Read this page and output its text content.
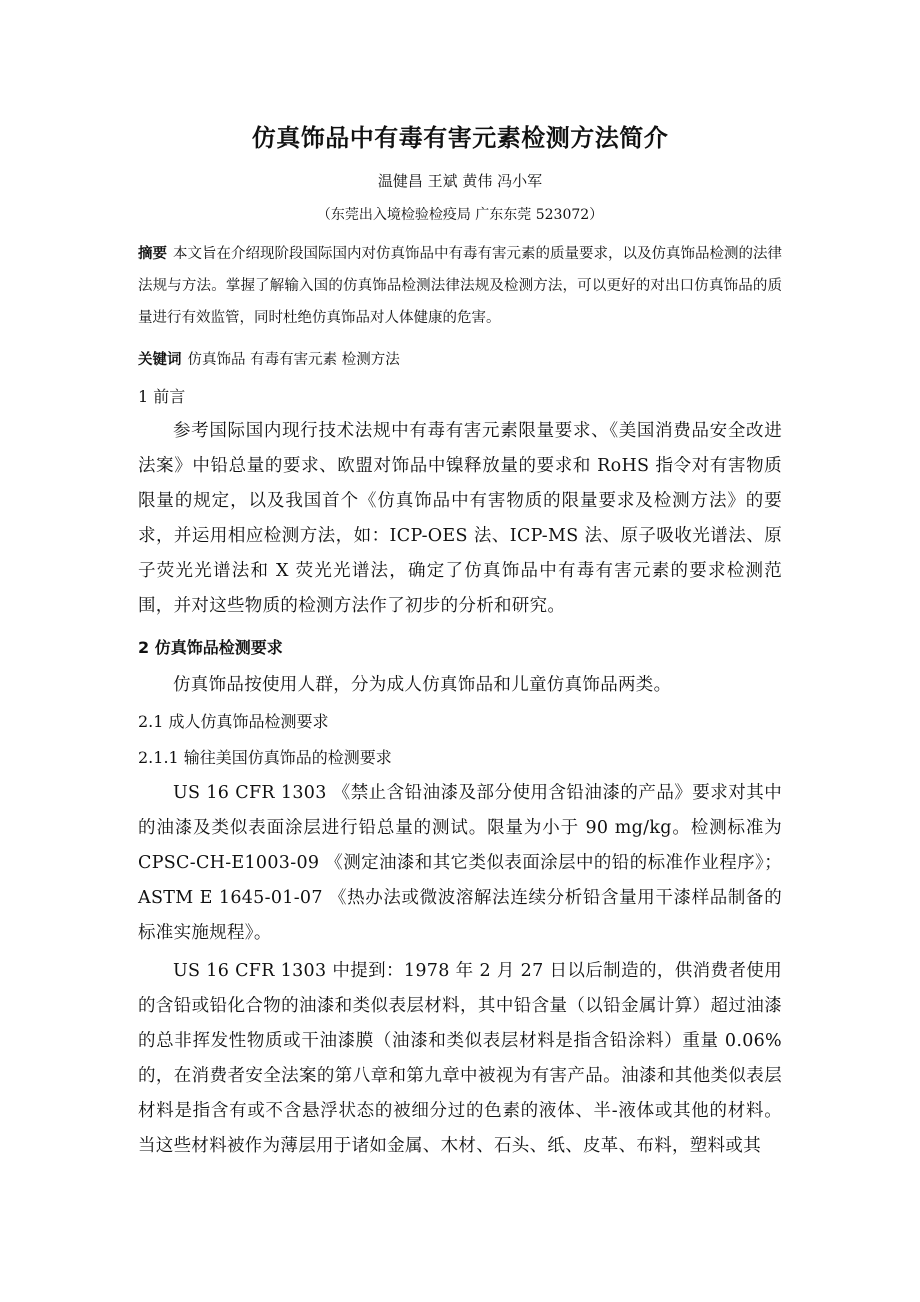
仿真饰品中有毒有害元素检测方法简介
温健昌 王斌 黄伟 冯小军
（东莞出入境检验检疫局 广东东莞 523072）
摘要 本文旨在介绍现阶段国际国内对仿真饰品中有毒有害元素的质量要求，以及仿真饰品检测的法律法规与方法。掌握了解输入国的仿真饰品检测法律法规及检测方法，可以更好的对出口仿真饰品的质量进行有效监管，同时杜绝仿真饰品对人体健康的危害。
关键词 仿真饰品 有毒有害元素 检测方法
1 前言
参考国际国内现行技术法规中有毒有害元素限量要求、《美国消费品安全改进法案》中铅总量的要求、欧盟对饰品中镍释放量的要求和 RoHS 指令对有害物质限量的规定，以及我国首个《仿真饰品中有害物质的限量要求及检测方法》的要求，并运用相应检测方法，如：ICP-OES 法、ICP-MS 法、原子吸收光谱法、原子荧光光谱法和 X 荧光光谱法，确定了仿真饰品中有毒有害元素的要求检测范围，并对这些物质的检测方法作了初步的分析和研究。
2 仿真饰品检测要求
仿真饰品按使用人群，分为成人仿真饰品和儿童仿真饰品两类。
2.1 成人仿真饰品检测要求
2.1.1 输往美国仿真饰品的检测要求
US 16 CFR 1303 《禁止含铅油漆及部分使用含铅油漆的产品》要求对其中的油漆及类似表面涂层进行铅总量的测试。限量为小于 90 mg/kg。检测标准为 CPSC-CH-E1003-09 《测定油漆和其它类似表面涂层中的铅的标准作业程序》；ASTM E 1645-01-07 《热办法或微波溶解法连续分析铅含量用干漆样品制备的标准实施规程》。
US 16 CFR 1303 中提到：1978 年 2 月 27 日以后制造的，供消费者使用的含铅或铅化合物的油漆和类似表层材料，其中铅含量（以铅金属计算）超过油漆的总非挥发性物质或干油漆膜（油漆和类似表层材料是指含铅涂料）重量 0.06%的，在消费者安全法案的第八章和第九章中被视为有害产品。油漆和其他类似表层材料是指含有或不含悬浮状态的被细分过的色素的液体、半-液体或其他的材料。当这些材料被作为薄层用于诸如金属、木材、石头、纸、皮革、布料，塑料或其
